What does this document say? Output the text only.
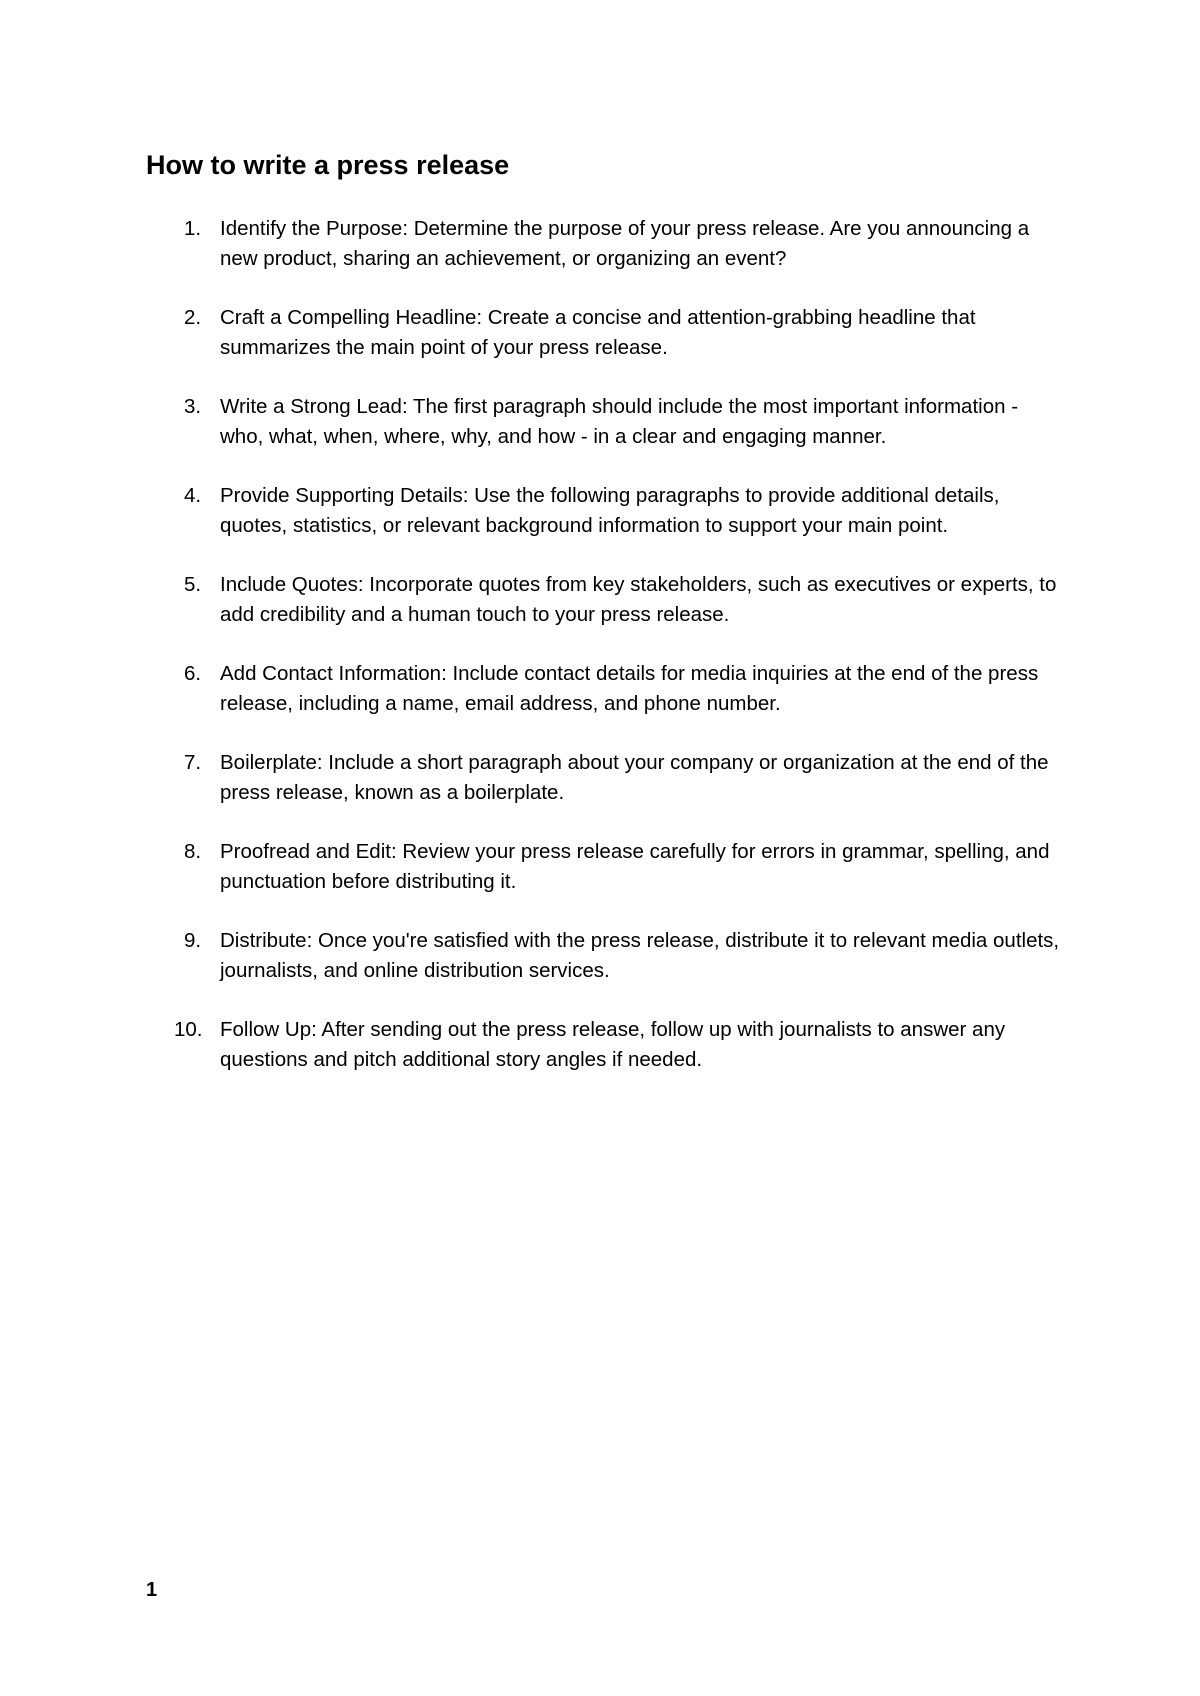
How to write a press release
1. Identify the Purpose: Determine the purpose of your press release. Are you announcing a new product, sharing an achievement, or organizing an event?
2. Craft a Compelling Headline: Create a concise and attention-grabbing headline that summarizes the main point of your press release.
3. Write a Strong Lead: The first paragraph should include the most important information - who, what, when, where, why, and how - in a clear and engaging manner.
4. Provide Supporting Details: Use the following paragraphs to provide additional details, quotes, statistics, or relevant background information to support your main point.
5. Include Quotes: Incorporate quotes from key stakeholders, such as executives or experts, to add credibility and a human touch to your press release.
6. Add Contact Information: Include contact details for media inquiries at the end of the press release, including a name, email address, and phone number.
7. Boilerplate: Include a short paragraph about your company or organization at the end of the press release, known as a boilerplate.
8. Proofread and Edit: Review your press release carefully for errors in grammar, spelling, and punctuation before distributing it.
9. Distribute: Once you're satisfied with the press release, distribute it to relevant media outlets, journalists, and online distribution services.
10. Follow Up: After sending out the press release, follow up with journalists to answer any questions and pitch additional story angles if needed.
1
